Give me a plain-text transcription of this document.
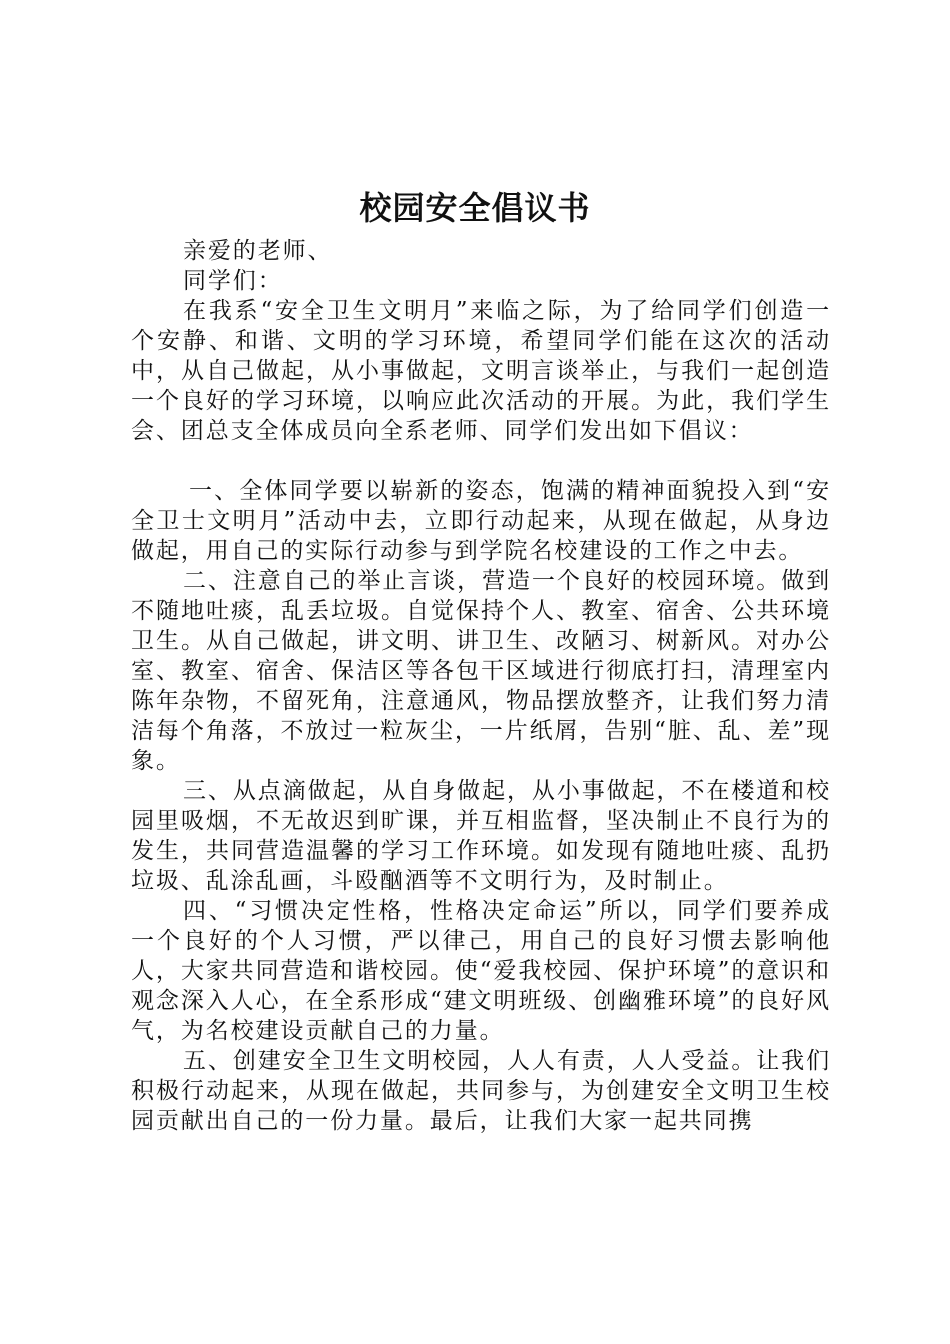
校园安全倡议书

亲爱的老师、

同学们：

在我系“安全卫生文明月”来临之际，为了给同学们创造一个安静、和谐、文明的学习环境，希望同学们能在这次的活动中，从自己做起，从小事做起，文明言谈举止，与我们一起创造一个良好的学习环境，以响应此次活动的开展。为此，我们学生会、团总支全体成员向全系老师、同学们发出如下倡议：

一、全体同学要以崭新的姿态，饱满的精神面貌投入到“安全卫士文明月”活动中去，立即行动起来，从现在做起，从身边做起，用自己的实际行动参与到学院名校建设的工作之中去。

二、注意自己的举止言谈，营造一个良好的校园环境。做到不随地吐痰，乱丢垃圾。自觉保持个人、教室、宿舍、公共环境卫生。从自己做起，讲文明、讲卫生、改陋习、树新风。对办公室、教室、宿舍、保洁区等各包干区域进行彻底打扫，清理室内陈年杂物，不留死角，注意通风，物品摆放整齐，让我们努力清洁每个角落，不放过一粒灰尘，一片纸屑，告别“脏、乱、差”现象。

三、从点滴做起，从自身做起，从小事做起，不在楼道和校园里吸烟，不无故迟到旷课，并互相监督，坚决制止不良行为的发生，共同营造温馨的学习工作环境。如发现有随地吐痰、乱扔垃圾、乱涂乱画，斗殴酗酒等不文明行为，及时制止。

四、“习惯决定性格，性格决定命运”所以，同学们要养成一个良好的个人习惯，严以律己，用自己的良好习惯去影响他人，大家共同营造和谐校园。使“爱我校园、保护环境”的意识和观念深入人心，在全系形成“建文明班级、创幽雅环境”的良好风气，为名校建设贡献自己的力量。

五、创建安全卫生文明校园，人人有责，人人受益。让我们积极行动起来，从现在做起，共同参与，为创建安全文明卫生校园贡献出自己的一份力量。最后，让我们大家一起共同携
